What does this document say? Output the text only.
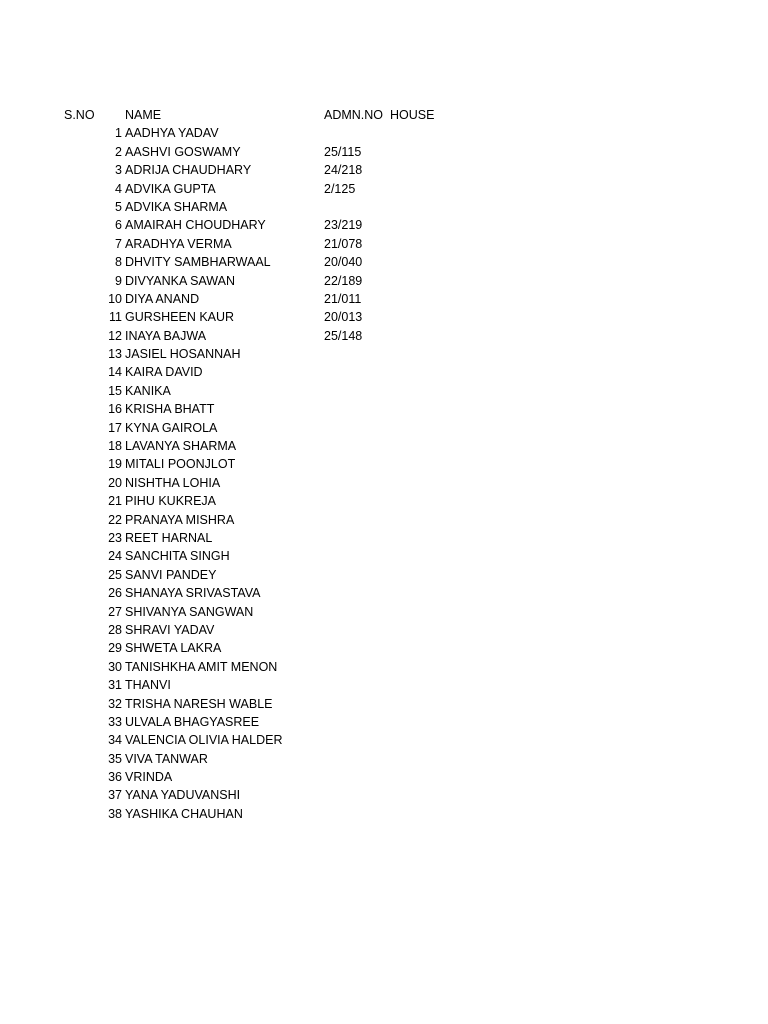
S.NO NAME	ADMN.NO HOUSE
1 AADHYA YADAV
2 AASHVI GOSWAMY	25/115
3 ADRIJA CHAUDHARY	24/218
4 ADVIKA GUPTA	2/125
5 ADVIKA SHARMA
6 AMAIRAH CHOUDHARY	23/219
7 ARADHYA VERMA	21/078
8 DHVITY SAMBHARWAAL	20/040
9 DIVYANKA SAWAN	22/189
10 DIYA ANAND	21/011
11 GURSHEEN KAUR	20/013
12 INAYA BAJWA	25/148
13 JASIEL HOSANNAH
14 KAIRA DAVID
15 KANIKA
16 KRISHA BHATT
17 KYNA GAIROLA
18 LAVANYA SHARMA
19 MITALI POONJLOT
20 NISHTHA LOHIA
21 PIHU KUKREJA
22 PRANAYA MISHRA
23 REET HARNAL
24 SANCHITA SINGH
25 SANVI PANDEY
26 SHANAYA SRIVASTAVA
27 SHIVANYA SANGWAN
28 SHRAVI YADAV
29 SHWETA LAKRA
30 TANISHKHA AMIT MENON
31 THANVI
32 TRISHA NARESH WABLE
33 ULVALA BHAGYASREE
34 VALENCIA OLIVIA HALDER
35 VIVA TANWAR
36 VRINDA
37 YANA YADUVANSHI
38 YASHIKA CHAUHAN
